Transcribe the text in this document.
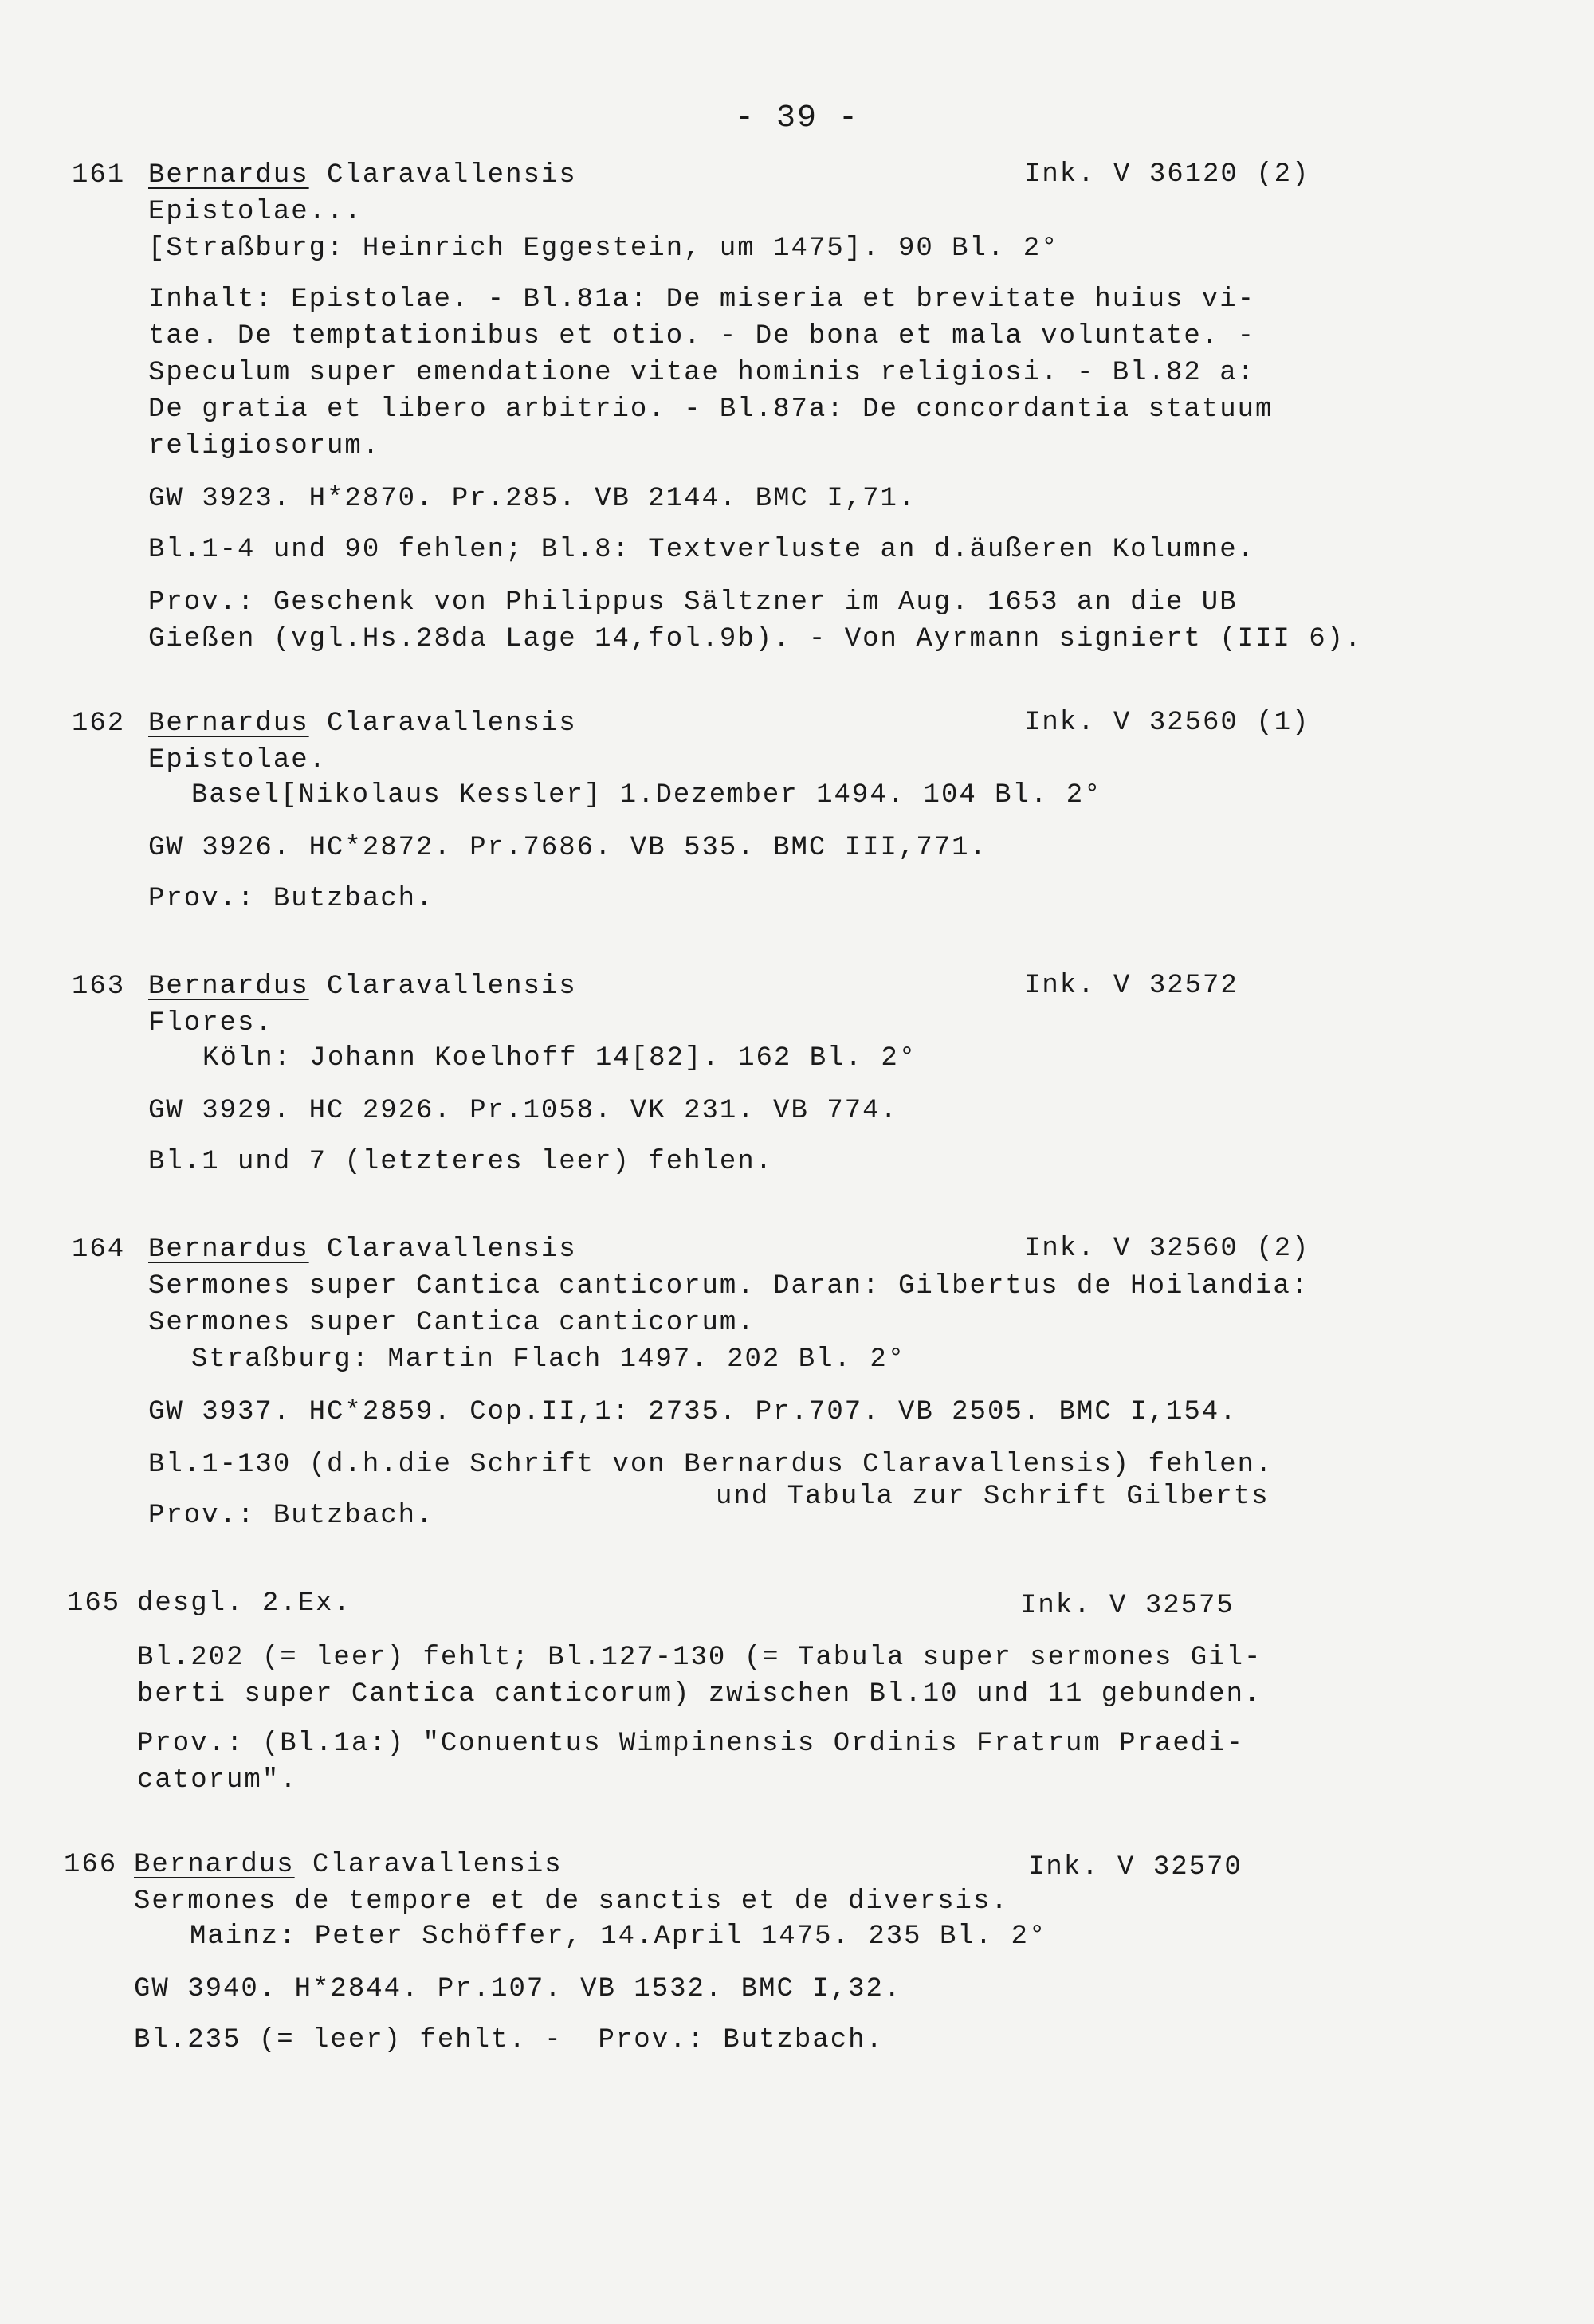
- 39 -
161 Bernardus Claravallensis	Ink. V 36120 (2)
Epistolae...
[Straßburg: Heinrich Eggestein, um 1475]. 90 Bl. 2°
Inhalt: Epistolae. - Bl.81a: De miseria et brevitate huius vi-
tae. De temptationibus et otio. - De bona et mala voluntate. -
Speculum super emendatione vitae hominis religiosi. - Bl.82 a:
De gratia et libero arbitrio. - Bl.87a: De concordantia statuum
religiosorum.
GW 3923. H*2870. Pr.285. VB 2144. BMC I,71.
Bl.1-4 und 90 fehlen; Bl.8: Textverluste an d.äußeren Kolumne.
Prov.: Geschenk von Philippus Sältzner im Aug. 1653 an die UB
Gießen (vgl.Hs.28da Lage 14,fol.9b). - Von Ayrmann signiert (III 6).
162 Bernardus Claravallensis	Ink. V 32560 (1)
Epistolae.
Basel[Nikolaus Kessler] 1.Dezember 1494. 104 Bl. 2°
GW 3926. HC*2872. Pr.7686. VB 535. BMC III,771.
Prov.: Butzbach.
163 Bernardus Claravallensis	Ink. V 32572
Flores.
Köln: Johann Koelhoff 14[82]. 162 Bl. 2°
GW 3929. HC 2926. Pr.1058. VK 231. VB 774.
Bl.1 und 7 (letzteres leer) fehlen.
164 Bernardus Claravallensis	Ink. V 32560 (2)
Sermones super Cantica canticorum. Daran: Gilbertus de Hoilandia:
Sermones super Cantica canticorum.
Straßburg: Martin Flach 1497. 202 Bl. 2°
GW 3937. HC*2859. Cop.II,1: 2735. Pr.707. VB 2505. BMC I,154.
Bl.1-130 (d.h.die Schrift von Bernardus Claravallensis) fehlen.
und Tabula zur Schrift Gilberts
Prov.: Butzbach.
165 desgl. 2.Ex.	Ink. V 32575
Bl.202 (= leer) fehlt; Bl.127-130 (= Tabula super sermones Gil-
berti super Cantica canticorum) zwischen Bl.10 und 11 gebunden.
Prov.: (Bl.1a:) "Conuentus Wimpinensis Ordinis Fratrum Praedi-
catorum".
166 Bernardus Claravallensis	Ink. V 32570
Sermones de tempore et de sanctis et de diversis.
Mainz: Peter Schöffer, 14.April 1475. 235 Bl. 2°
GW 3940. H*2844. Pr.107. VB 1532. BMC I,32.
Bl.235 (= leer) fehlt. -  Prov.: Butzbach.
